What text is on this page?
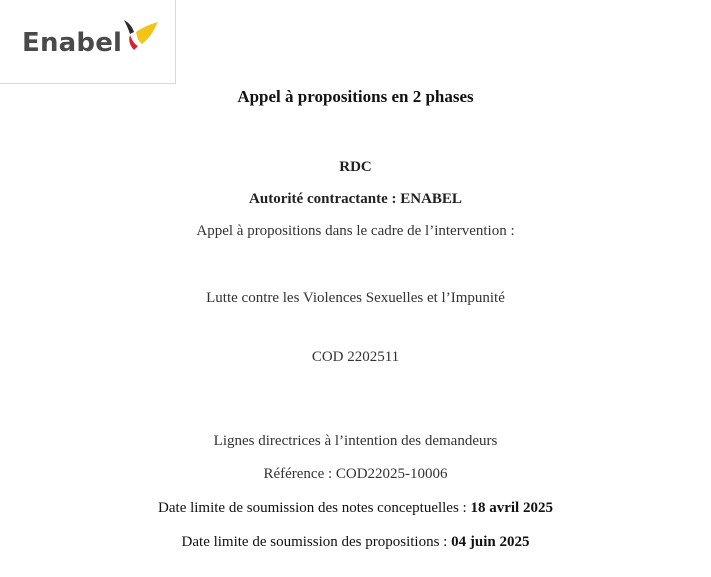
Enabel
Appel à propositions en 2 phases
RDC
Autorité contractante : ENABEL
Appel à propositions dans le cadre de l’intervention :
Lutte contre les Violences Sexuelles et l’Impunité
COD 2202511
Lignes directrices à l’intention des demandeurs
Référence : COD22025-10006
Date limite de soumission des notes conceptuelles : 18 avril 2025
Date limite de soumission des propositions : 04 juin 2025
